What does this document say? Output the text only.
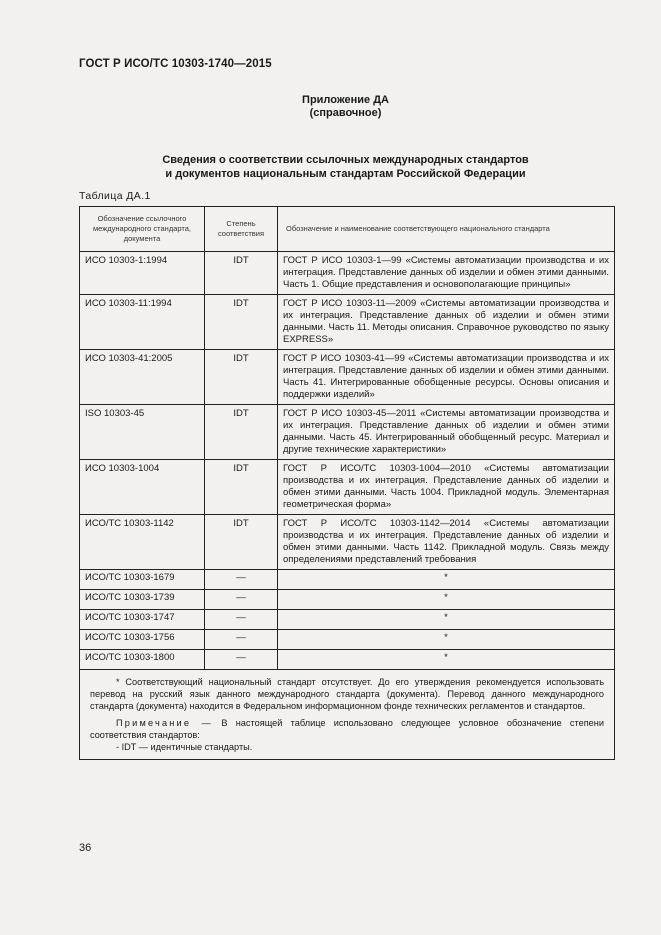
ГОСТ Р ИСО/ТС 10303-1740—2015
Приложение ДА
(справочное)
Сведения о соответствии ссылочных международных стандартов
и документов национальным стандартам Российской Федерации
Таблица ДА.1
Обозначение ссылочного международного стандарта, документа	Степень соответствия	Обозначение и наименование соответствующего национального стандарта
ИСО 10303-1:1994	IDT	ГОСТ Р ИСО 10303-1—99 «Системы автоматизации производства и их интеграция. Представление данных об изделии и обмен этими данными. Часть 1. Общие представления и основополагающие принципы»
ИСО 10303-11:1994	IDT	ГОСТ Р ИСО 10303-11—2009 «Системы автоматизации производства и их интеграция. Представление данных об изделии и обмен этими данными. Часть 11. Методы описания. Справочное руководство по языку EXPRESS»
ИСО 10303-41:2005	IDT	ГОСТ Р ИСО 10303-41—99 «Системы автоматизации производства и их интеграция. Представление данных об изделии и обмен этими данными. Часть 41. Интегрированные обобщенные ресурсы. Основы описания и поддержки изделий»
ISO 10303-45	IDT	ГОСТ Р ИСО 10303-45—2011 «Системы автоматизации производства и их интеграция. Представление данных об изделии и обмен этими данными. Часть 45. Интегрированный обобщенный ресурс. Материал и другие технические характеристики»
ИСО 10303-1004	IDT	ГОСТ Р ИСО/ТС 10303-1004—2010 «Системы автоматизации производства и их интеграция. Представление данных об изделии и обмен этими данными. Часть 1004. Прикладной модуль. Элементарная геометрическая форма»
ИСО/ТС 10303-1142	IDT	ГОСТ Р ИСО/ТС 10303-1142—2014 «Системы автоматизации производства и их интеграция. Представление данных об изделии и обмен этими данными. Часть 1142. Прикладной модуль. Связь между определениями представлений требования
ИСО/ТС 10303-1679	—	*
ИСО/ТС 10303-1739	—	*
ИСО/ТС 10303-1747	—	*
ИСО/ТС 10303-1756	—	*
ИСО/ТС 10303-1800	—	*

* Соответствующий национальный стандарт отсутствует. До его утверждения рекомендуется использовать перевод на русский язык данного международного стандарта (документа). Перевод данного международного стандарта (документа) находится в Федеральном информационном фонде технических регламентов и стандартов.

Примечание — В настоящей таблице использовано следующее условное обозначение степени соответствия стандартов:

- IDT — идентичные стандарты.		

36
